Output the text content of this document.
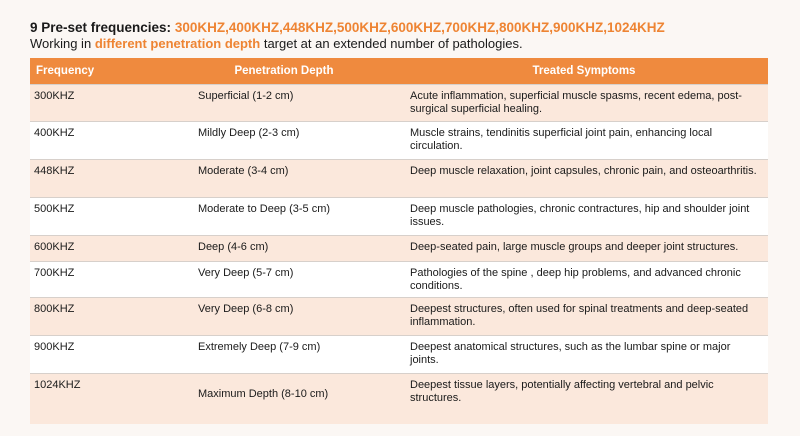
9 Pre-set frequencies: 300KHZ,400KHZ,448KHZ,500KHZ,600KHZ,700KHZ,800KHZ,900KHZ,1024KHZ

Working in different penetration depth target at an extended number of pathologies.

Frequency	Penetration Depth	Treated Symptoms
300KHZ	Superficial (1-2 cm)	Acute inflammation, superficial muscle spasms, recent edema, post-surgical superficial healing.
400KHZ	Mildly Deep (2-3 cm)	Muscle strains, tendinitis superficial joint pain, enhancing local circulation.
448KHZ	Moderate (3-4 cm)	Deep muscle relaxation, joint capsules, chronic pain, and osteoarthritis.
500KHZ	Moderate to Deep (3-5 cm)	Deep muscle pathologies, chronic contractures, hip and shoulder joint issues.
600KHZ	Deep (4-6 cm)	Deep-seated pain, large muscle groups and deeper joint structures.
700KHZ	Very Deep (5-7 cm)	Pathologies of the spine , deep hip problems, and advanced chronic conditions.
800KHZ	Very Deep (6-8 cm)	Deepest structures, often used for spinal treatments and deep-seated inflammation.
900KHZ	Extremely Deep (7-9 cm)	Deepest anatomical structures, such as the lumbar spine or major joints.
1024KHZ	Maximum Depth (8-10 cm)	Deepest tissue layers, potentially affecting vertebral and pelvic structures.
